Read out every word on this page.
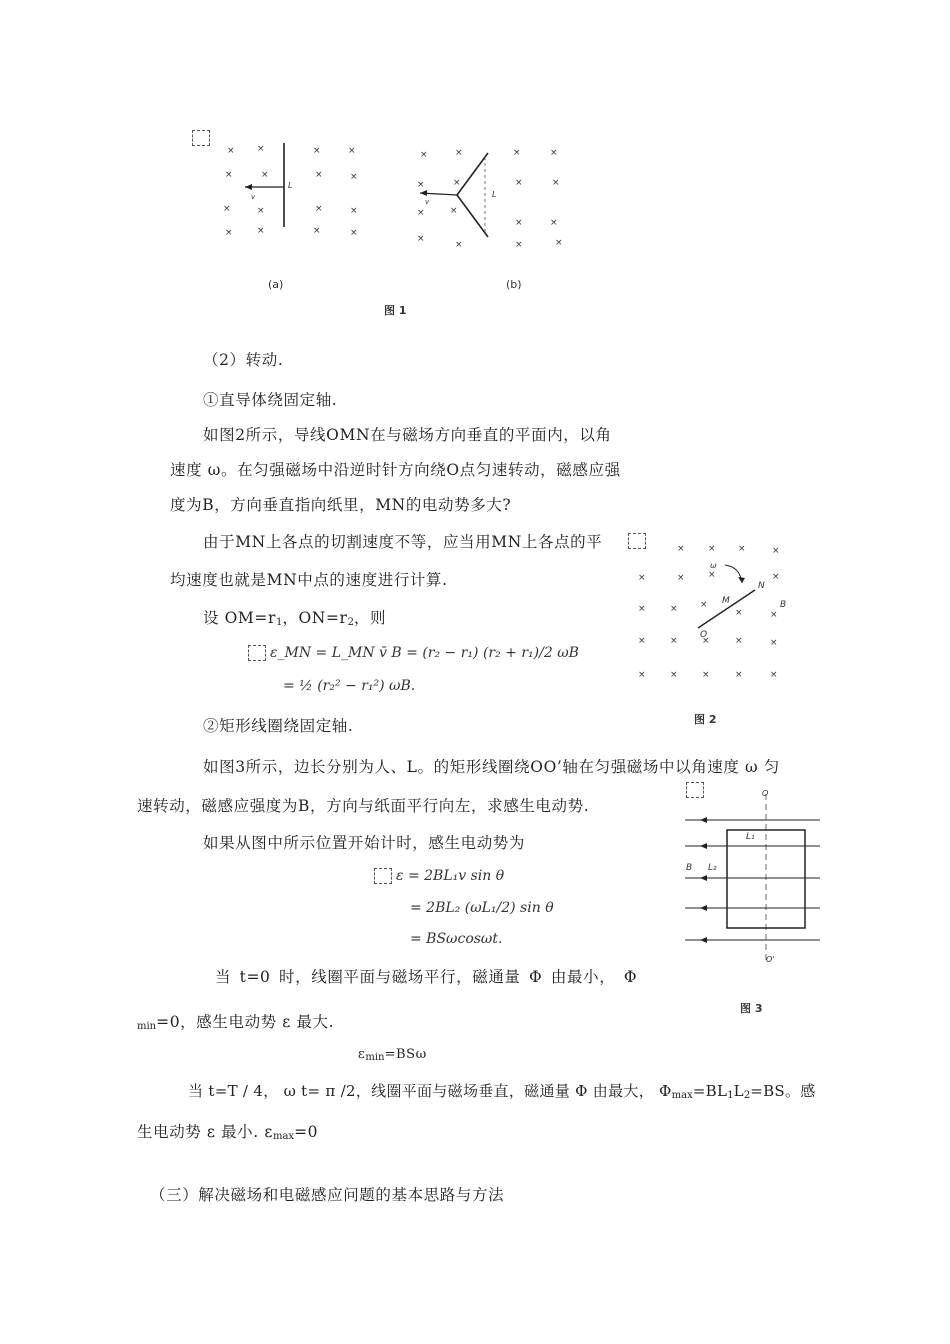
× ×	×	×
×	×	×	×
×	×	×	×
×	×	×	×
L
v
×	×	×	×
×	×	×	×
×	×
×	×
×
×	×	×
L
v
(a)	(b)
图 1
（2）转动.
①直导体绕固定轴.
如图2所示，导线OMN在与磁场方向垂直的平面内，以角
速度 ω。在匀强磁场中沿逆时针方向绕O点匀速转动，磁感应强
度为B，方向垂直指向纸里，MN的电动势多大?
由于MN上各点的切割速度不等，应当用MN上各点的平
均速度也就是MN中点的速度进行计算.
设 OM=r1，ON=r2，则
ε_MN = L_MN v̄ B = (r₂ − r₁) (r₂ + r₁)/2 ωB
= ½ (r₂² − r₁²) ωB.
②矩形线圈绕固定轴.
×	× ×	×
×	×	×	×
×	× ×
×	×
×	×	×	×	×
×	×	×	×	×
ω
N
M
O
B
图 2
如图3所示，边长分别为人、L。的矩形线圈绕OO’轴在匀强磁场中以角速度 ω 匀
速转动，磁感应强度为B，方向与纸面平行向左，求感生电动势.
如果从图中所示位置开始计时，感生电动势为
ε = 2BL₁v sin θ
= 2BL₂ (ωL₁/2) sin θ
= BSωcosωt.
O
L₁
B L₂
O'
图 3
当 t=0 时，线圈平面与磁场平行，磁通量 Φ 由最小， Φ
min=0，感生电动势 ε 最大.
εmin=BSω
当 t=T / 4， ω t= π /2，线圈平面与磁场垂直，磁通量 Φ 由最大， Φmax=BL1L2=BS。感
生电动势 ε 最小. εmax=0
（三）解决磁场和电磁感应问题的基本思路与方法
